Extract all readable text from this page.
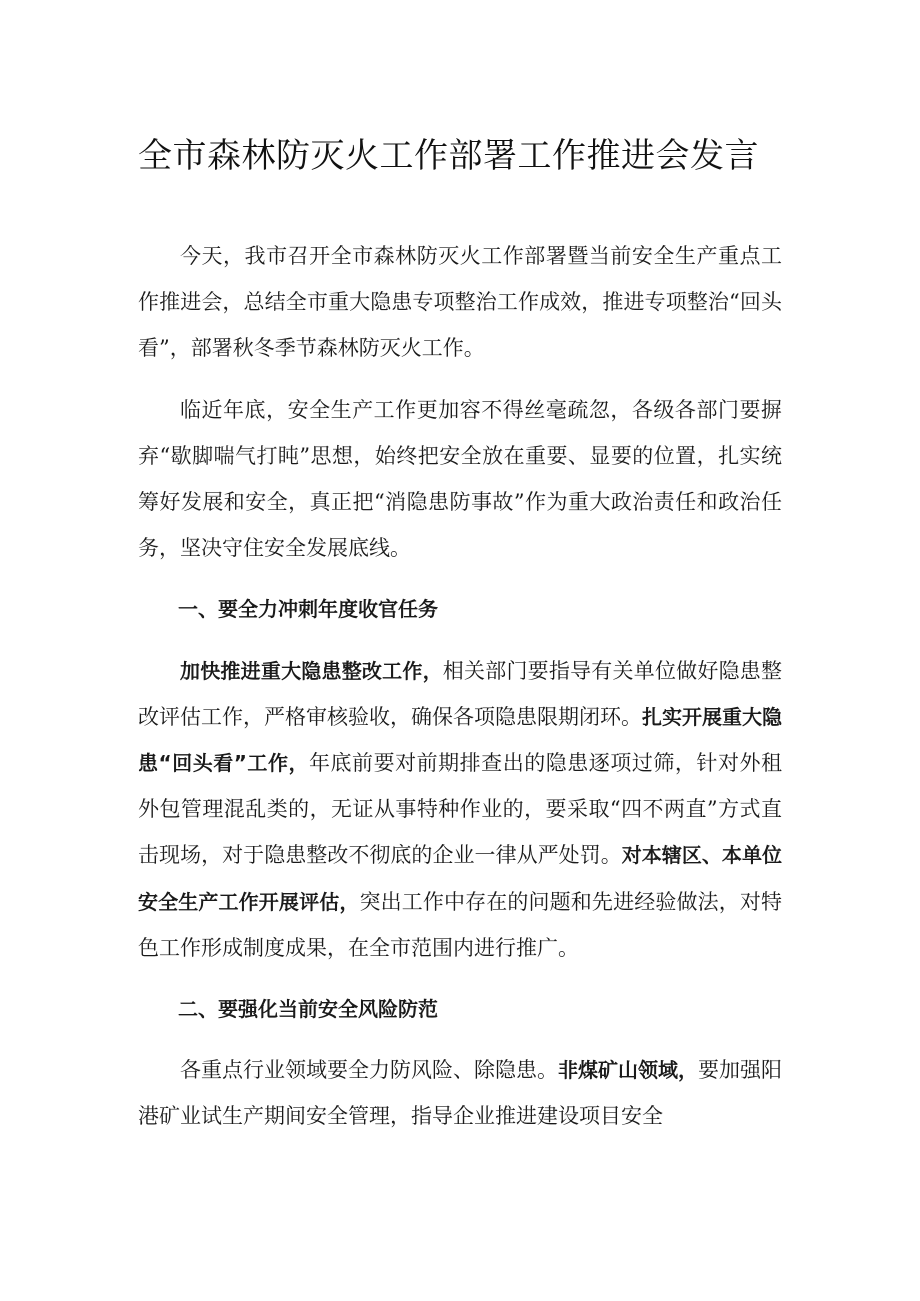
全市森林防灭火工作部署工作推进会发言

今天，我市召开全市森林防灭火工作部署暨当前安全生产重点工作推进会，总结全市重大隐患专项整治工作成效，推进专项整治“回头看”，部署秋冬季节森林防灭火工作。

临近年底，安全生产工作更加容不得丝毫疏忽，各级各部门要摒弃“歇脚喘气打盹”思想，始终把安全放在重要、显要的位置，扎实统筹好发展和安全，真正把“消隐患防事故”作为重大政治责任和政治任务，坚决守住安全发展底线。

一、要全力冲刺年度收官任务

加快推进重大隐患整改工作，相关部门要指导有关单位做好隐患整改评估工作，严格审核验收，确保各项隐患限期闭环。扎实开展重大隐患“回头看”工作，年底前要对前期排查出的隐患逐项过筛，针对外租外包管理混乱类的，无证从事特种作业的，要采取“四不两直”方式直击现场，对于隐患整改不彻底的企业一律从严处罚。对本辖区、本单位安全生产工作开展评估，突出工作中存在的问题和先进经验做法，对特色工作形成制度成果，在全市范围内进行推广。

二、要强化当前安全风险防范

各重点行业领域要全力防风险、除隐患。非煤矿山领域，要加强阳港矿业试生产期间安全管理，指导企业推进建设项目安全
